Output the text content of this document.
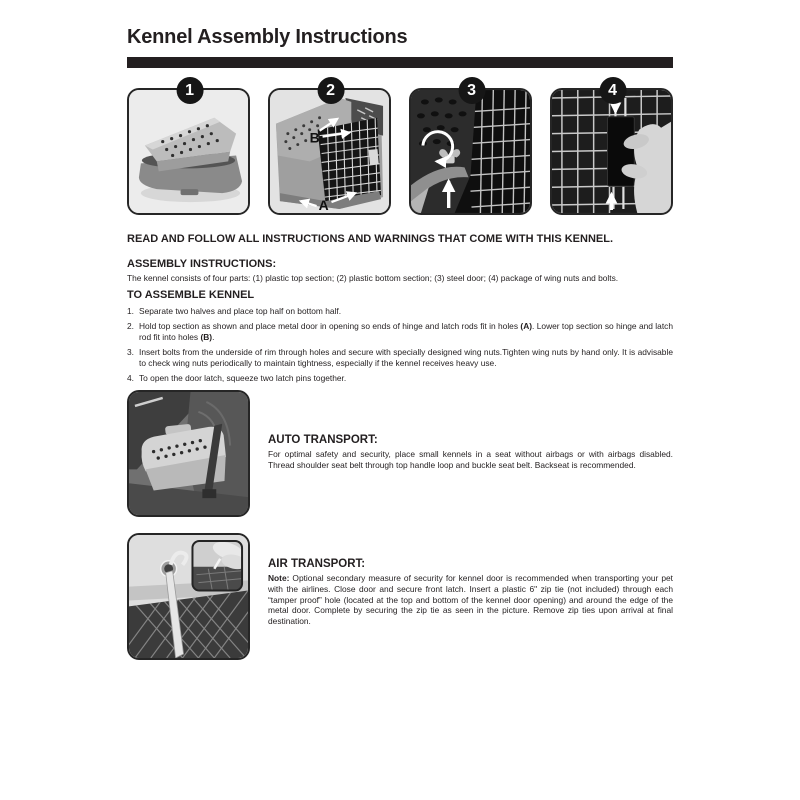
Kennel Assembly Instructions
1	2
B
A
3	4

READ AND FOLLOW ALL INSTRUCTIONS AND WARNINGS THAT COME WITH THIS KENNEL.

ASSEMBLY INSTRUCTIONS:

The kennel consists of four parts: (1) plastic top section; (2) plastic bottom section; (3) steel door; (4) package of wing nuts and bolts.

TO ASSEMBLE KENNEL
1. Separate two halves and place top half on bottom half.
2. Hold top section as shown and place metal door in opening so ends of hinge and latch rods fit in holes (A). Lower top section so hinge and latch rod fit into holes (B).
3. Insert bolts from the underside of rim through holes and secure with specially designed wing nuts.Tighten wing nuts by hand only. It is advisable to check wing nuts periodically to maintain tightness, especially if the kennel receives heavy use.
4. To open the door latch, squeeze two latch pins together.
AUTO TRANSPORT:

For optimal safety and security, place small kennels in a seat without airbags or with airbags disabled. Thread shoulder seat belt through top handle loop and buckle seat belt. Backseat is recommended.

AIR TRANSPORT:

Note: Optional secondary measure of security for kennel door is recommended when transporting your pet with the airlines. Close door and secure front latch. Insert a plastic 6" zip tie (not included) through each “tamper proof” hole (located at the top and bottom of the kennel door opening) and around the edge of the metal door. Complete by securing the zip tie as seen in the picture. Remove zip ties upon arrival at final destination.
